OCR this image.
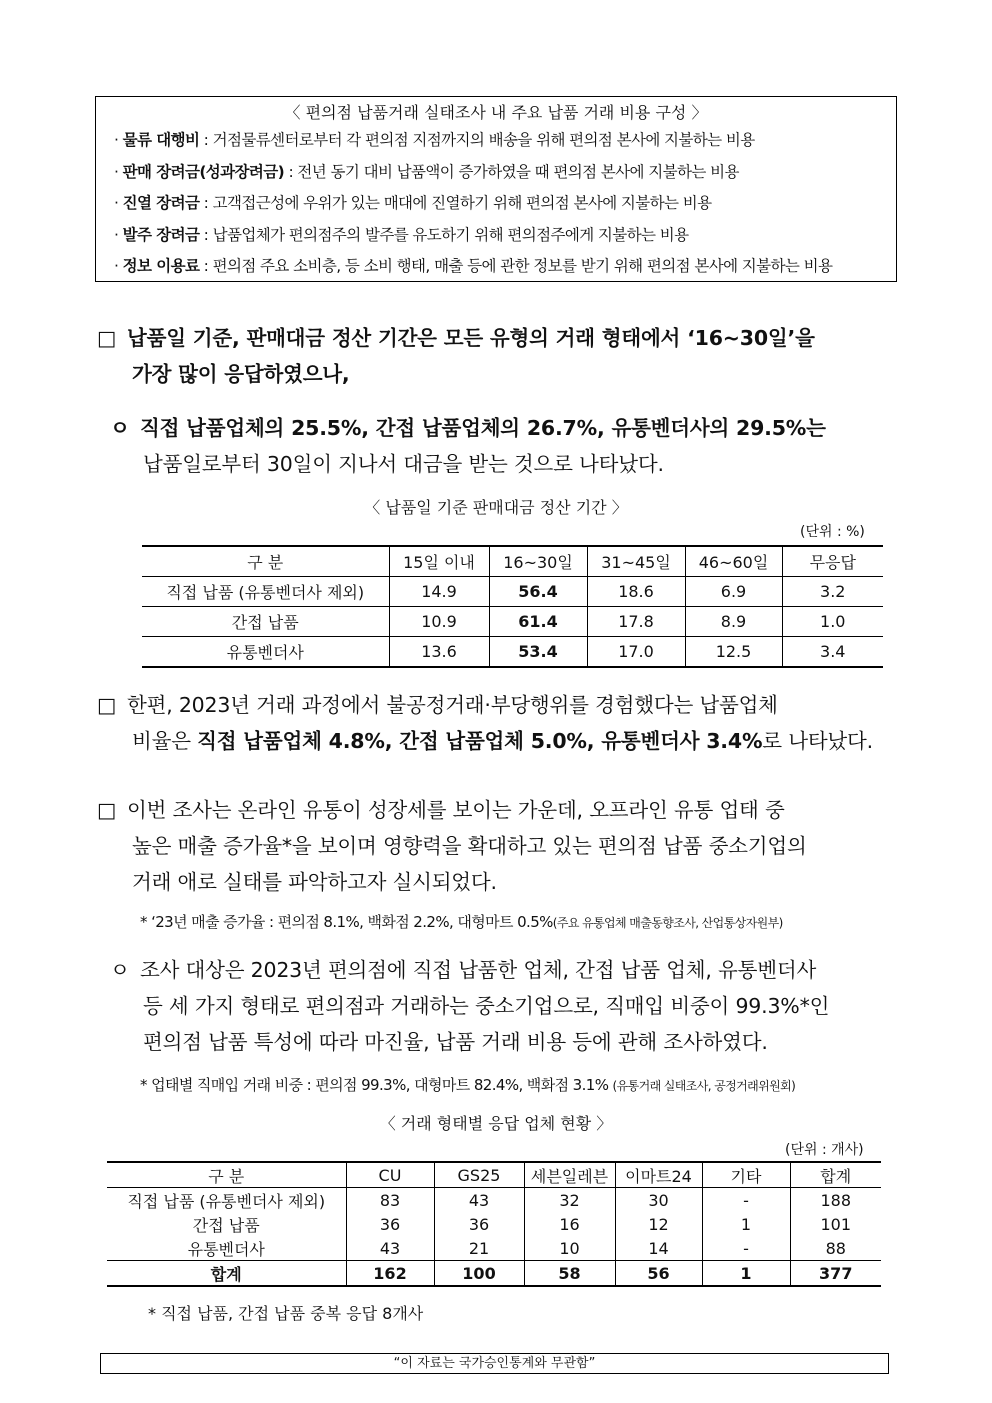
〈 편의점 납품거래 실태조사 내 주요 납품 거래 비용 구성 〉
· 물류 대행비 : 거점물류센터로부터 각 편의점 지점까지의 배송을 위해 편의점 본사에 지불하는 비용
· 판매 장려금(성과장려금) : 전년 동기 대비 납품액이 증가하였을 때 편의점 본사에 지불하는 비용
· 진열 장려금 : 고객접근성에 우위가 있는 매대에 진열하기 위해 편의점 본사에 지불하는 비용
· 발주 장려금 : 납품업체가 편의점주의 발주를 유도하기 위해 편의점주에게 지불하는 비용
· 정보 이용료 : 편의점 주요 소비층, 등 소비 행태, 매출 등에 관한 정보를 받기 위해 편의점 본사에 지불하는 비용
□ 납품일 기준, 판매대금 정산 기간은 모든 유형의 거래 형태에서 ‘16~30일’을
가장 많이 응답하였으나,
ㅇ 직접 납품업체의 25.5%, 간접 납품업체의 26.7%, 유통벤더사의 29.5%는
납품일로부터 30일이 지나서 대금을 받는 것으로 나타났다.
〈 납품일 기준 판매대금 정산 기간 〉
(단위 : %)
구 분	15일 이내	16~30일	31~45일	46~60일	무응답
직접 납품 (유통벤더사 제외)	14.9	56.4	18.6	6.9	3.2
간접 납품	10.9	61.4	17.8	8.9	1.0
유통벤더사	13.6	53.4	17.0	12.5	3.4
□ 한편, 2023년 거래 과정에서 불공정거래·부당행위를 경험했다는 납품업체
비율은 직접 납품업체 4.8%, 간접 납품업체 5.0%, 유통벤더사 3.4%로 나타났다.
□ 이번 조사는 온라인 유통이 성장세를 보이는 가운데, 오프라인 유통 업태 중
높은 매출 증가율*을 보이며 영향력을 확대하고 있는 편의점 납품 중소기업의
거래 애로 실태를 파악하고자 실시되었다.
* ‘23년 매출 증가율 : 편의점 8.1%, 백화점 2.2%, 대형마트 0.5%(주요 유통업체 매출동향조사, 산업통상자원부)
ㅇ 조사 대상은 2023년 편의점에 직접 납품한 업체, 간접 납품 업체, 유통벤더사
등 세 가지 형태로 편의점과 거래하는 중소기업으로, 직매입 비중이 99.3%*인
편의점 납품 특성에 따라 마진율, 납품 거래 비용 등에 관해 조사하였다.
* 업태별 직매입 거래 비중 : 편의점 99.3%, 대형마트 82.4%, 백화점 3.1% (유통거래 실태조사, 공정거래위원회)
〈 거래 형태별 응답 업체 현황 〉
(단위 : 개사)
구 분	CU	GS25	세븐일레븐	이마트24	기타	합계
직접 납품 (유통벤더사 제외)	83	43	32	30	-	188
간접 납품	36	36	16	12	1	101
유통벤더사	43	21	10	14	-	88
합계	162	100	58	56	1	377
* 직접 납품, 간접 납품 중복 응답 8개사
“이 자료는 국가승인통계와 무관함”
